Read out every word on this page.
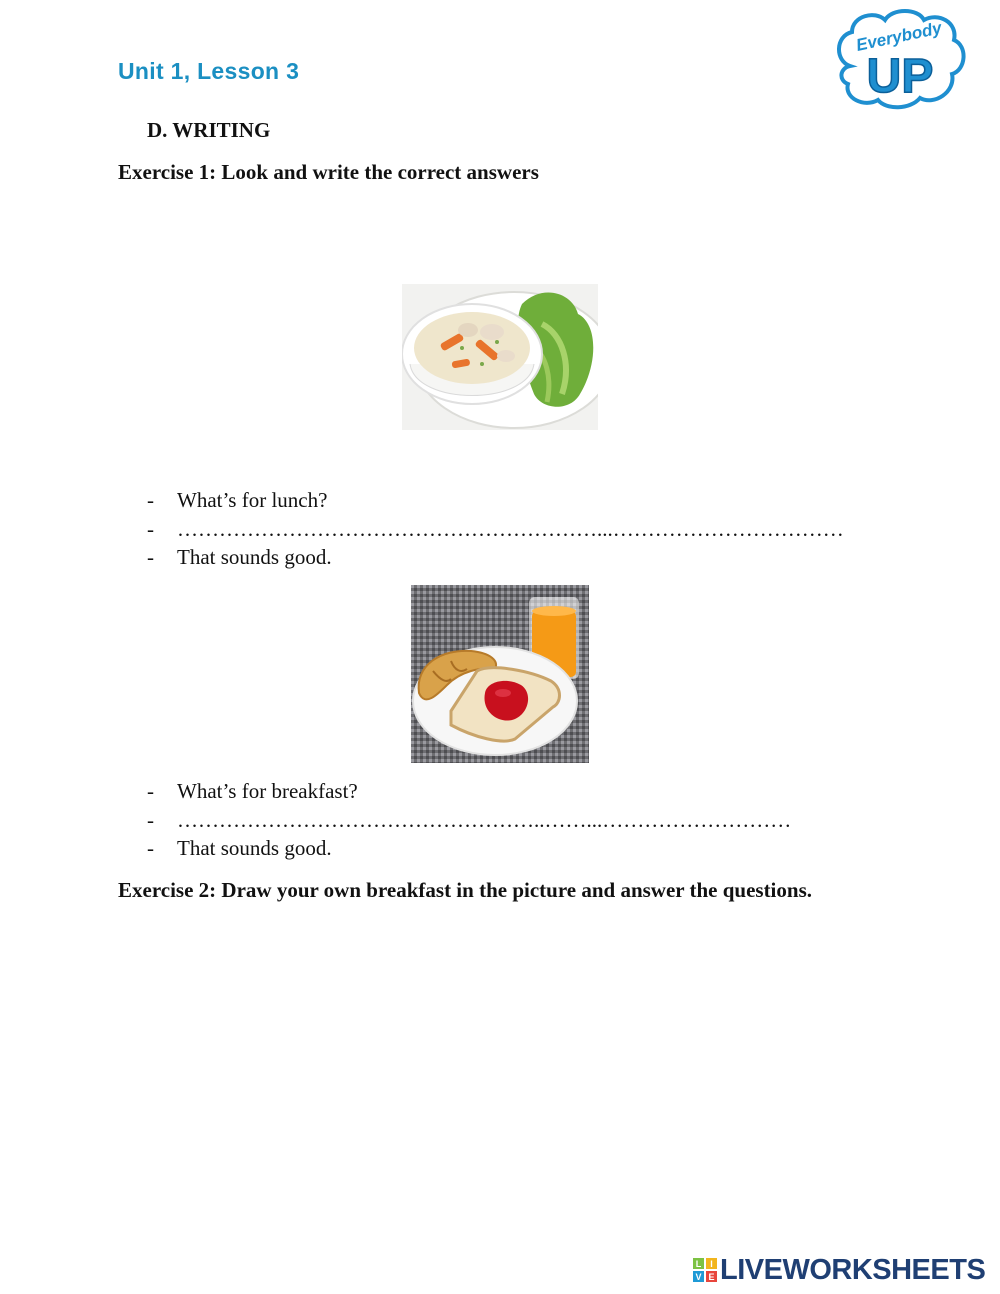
Unit 1, Lesson 3
Everybody
UP
D. WRITING
Exercise 1: Look and write the correct answers
- What’s for lunch?
- ……………………………………………………...……………………………
- That sounds good.
- What’s for breakfast?
- ……………………………………………..……...………………………
- That sounds good.
Exercise 2: Draw your own breakfast in the picture and answer the questions.
L I
V E LIVEWORKSHEETS
